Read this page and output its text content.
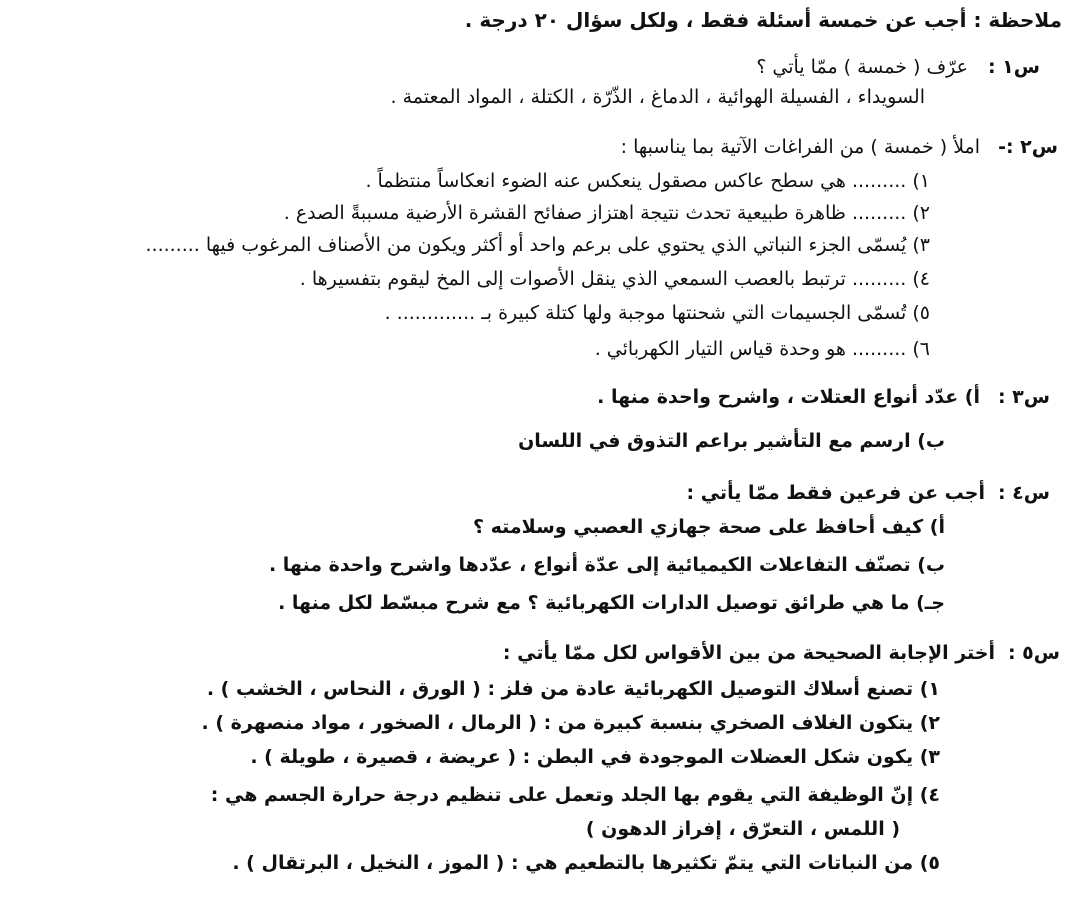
ملاحظة : أجب عن خمسة أسئلة فقط ، ولكل سؤال ٢٠ درجة .
س١ :
عرّف ( خمسة ) ممّا يأتي ؟
السويداء ، الفسيلة الهوائية ، الدماغ ، الذّرّة ، الكتلة ، المواد المعتمة .
س٢ :-
املأ ( خمسة ) من الفراغات الآتية بما يناسبها :
١) ......... هي سطح عاكس مصقول ينعكس عنه الضوء انعكاساً منتظماً .
٢) ......... ظاهرة طبيعية تحدث نتيجة اهتزاز صفائح القشرة الأرضية مسببةً الصدع .
٣) يُسمّى الجزء النباتي الذي يحتوي على برعم واحد أو أكثر ويكون من الأصناف المرغوب فيها .........
٤) ......... ترتبط بالعصب السمعي الذي ينقل الأصوات إلى المخ ليقوم بتفسيرها .
٥) تُسمّى الجسيمات التي شحنتها موجبة ولها كتلة كبيرة بـ ............. .
٦) ......... هو وحدة قياس التيار الكهربائي .
س٣ :
أ) عدّد أنواع العتلات ، واشرح واحدة منها .
ب) ارسم مع التأشير براعم التذوق في اللسان
س٤ :
أجب عن فرعين فقط ممّا يأتي :
أ) كيف أحافظ على صحة جهازي العصبي وسلامته ؟
ب) تصنّف التفاعلات الكيميائية إلى عدّة أنواع ، عدّدها واشرح واحدة منها .
جـ) ما هي طرائق توصيل الدارات الكهربائية ؟ مع شرح مبسّط لكل منها .
س٥ :
أختر الإجابة الصحيحة من بين الأقواس لكل ممّا يأتي :
١) تصنع أسلاك التوصيل الكهربائية عادة من فلز : ( الورق ، النحاس ، الخشب ) .
٢) يتكون الغلاف الصخري بنسبة كبيرة من : ( الرمال ، الصخور ، مواد منصهرة ) .
٣) يكون شكل العضلات الموجودة في البطن : ( عريضة ، قصيرة ، طويلة ) .
٤) إنّ الوظيفة التي يقوم بها الجلد وتعمل على تنظيم درجة حرارة الجسم هي :
( اللمس ، التعرّق ، إفراز الدهون )
٥) من النباتات التي يتمّ تكثيرها بالتطعيم هي : ( الموز ، النخيل ، البرتقال ) .
